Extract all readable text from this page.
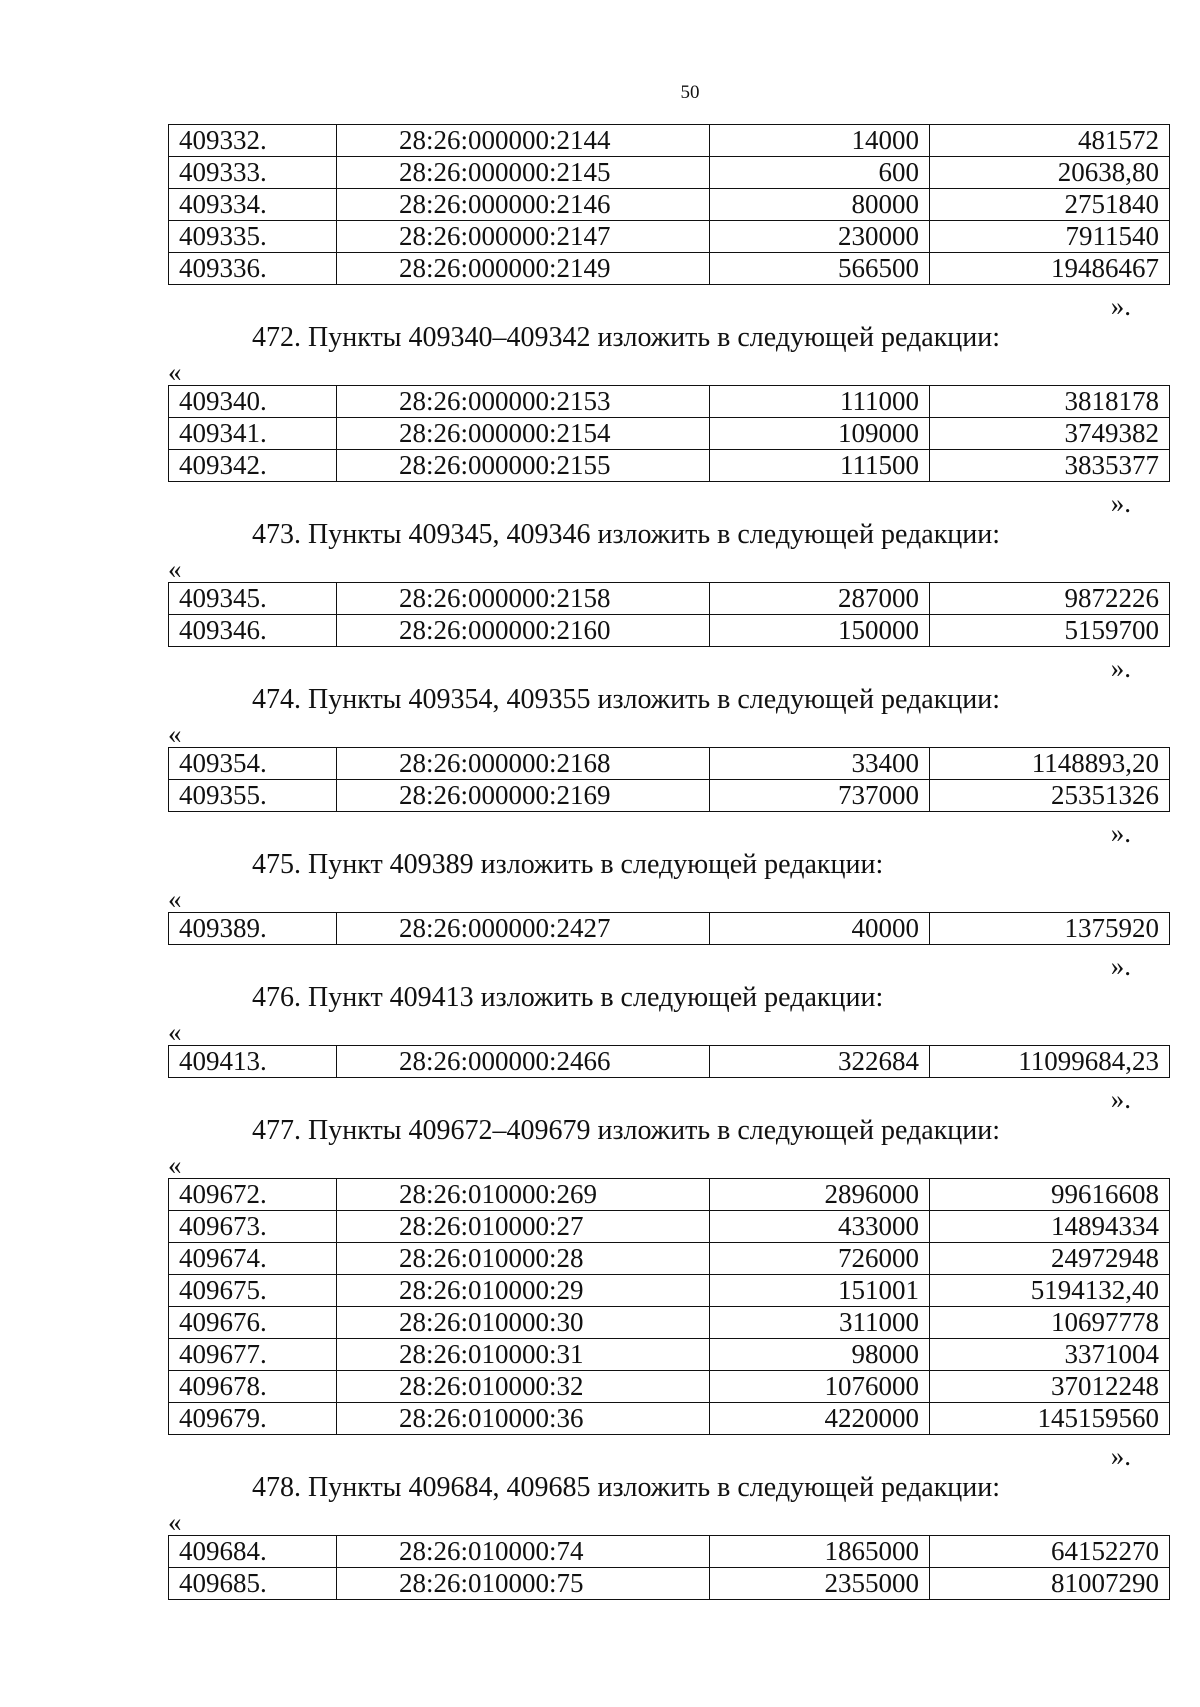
50
409332.	28:26:000000:2144	14000	481572
409333.	28:26:000000:2145	600	20638,80
409334.	28:26:000000:2146	80000	2751840
409335.	28:26:000000:2147	230000	7911540
409336.	28:26:000000:2149	566500	19486467
».
472. Пункты 409340–409342 изложить в следующей редакции:
«
409340.	28:26:000000:2153	111000	3818178
409341.	28:26:000000:2154	109000	3749382
409342.	28:26:000000:2155	111500	3835377
».
473. Пункты 409345, 409346 изложить в следующей редакции:
«
409345.	28:26:000000:2158	287000	9872226
409346.	28:26:000000:2160	150000	5159700
».
474. Пункты 409354, 409355 изложить в следующей редакции:
«
409354.	28:26:000000:2168	33400	1148893,20
409355.	28:26:000000:2169	737000	25351326
».
475. Пункт 409389 изложить в следующей редакции:
«
409389.	28:26:000000:2427	40000	1375920
».
476. Пункт 409413 изложить в следующей редакции:
«
409413.	28:26:000000:2466	322684	11099684,23
».
477. Пункты 409672–409679 изложить в следующей редакции:
«
409672.	28:26:010000:269	2896000	99616608
409673.	28:26:010000:27	433000	14894334
409674.	28:26:010000:28	726000	24972948
409675.	28:26:010000:29	151001	5194132,40
409676.	28:26:010000:30	311000	10697778
409677.	28:26:010000:31	98000	3371004
409678.	28:26:010000:32	1076000	37012248
409679.	28:26:010000:36	4220000	145159560
».
478. Пункты 409684, 409685 изложить в следующей редакции:
«
409684.	28:26:010000:74	1865000	64152270
409685.	28:26:010000:75	2355000	81007290
